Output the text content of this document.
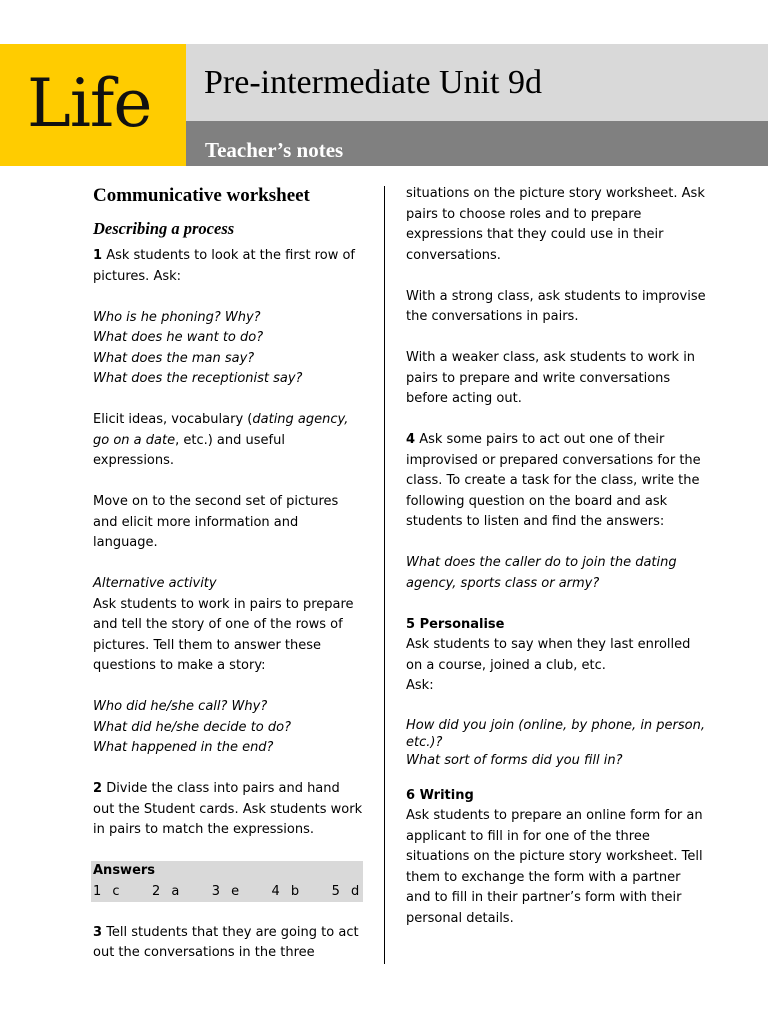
Life Pre-intermediate Unit 9d
Teacher’s notes
Communicative worksheet
Describing a process
1 Ask students to look at the first row of pictures. Ask:
Who is he phoning? Why?
What does he want to do?
What does the man say?
What does the receptionist say?
Elicit ideas, vocabulary (dating agency, go on a date, etc.) and useful expressions.
Move on to the second set of pictures and elicit more information and language.
Alternative activity
Ask students to work in pairs to prepare and tell the story of one of the rows of pictures. Tell them to answer these questions to make a story:
Who did he/she call? Why?
What did he/she decide to do?
What happened in the end?
2 Divide the class into pairs and hand out the Student cards. Ask students work in pairs to match the expressions.
Answers
1 c   2 a   3 e   4 b   5 d
3 Tell students that they are going to act out the conversations in the three
situations on the picture story worksheet. Ask pairs to choose roles and to prepare expressions that they could use in their conversations.
With a strong class, ask students to improvise the conversations in pairs.
With a weaker class, ask students to work in pairs to prepare and write conversations before acting out.
4 Ask some pairs to act out one of their improvised or prepared conversations for the class. To create a task for the class, write the following question on the board and ask students to listen and find the answers:
What does the caller do to join the dating agency, sports class or army?
5 Personalise
Ask students to say when they last enrolled on a course, joined a club, etc.
Ask:
How did you join (online, by phone, in person, etc.)?
What sort of forms did you fill in?
6 Writing
Ask students to prepare an online form for an applicant to fill in for one of the three situations on the picture story worksheet. Tell them to exchange the form with a partner and to fill in their partner’s form with their personal details.
